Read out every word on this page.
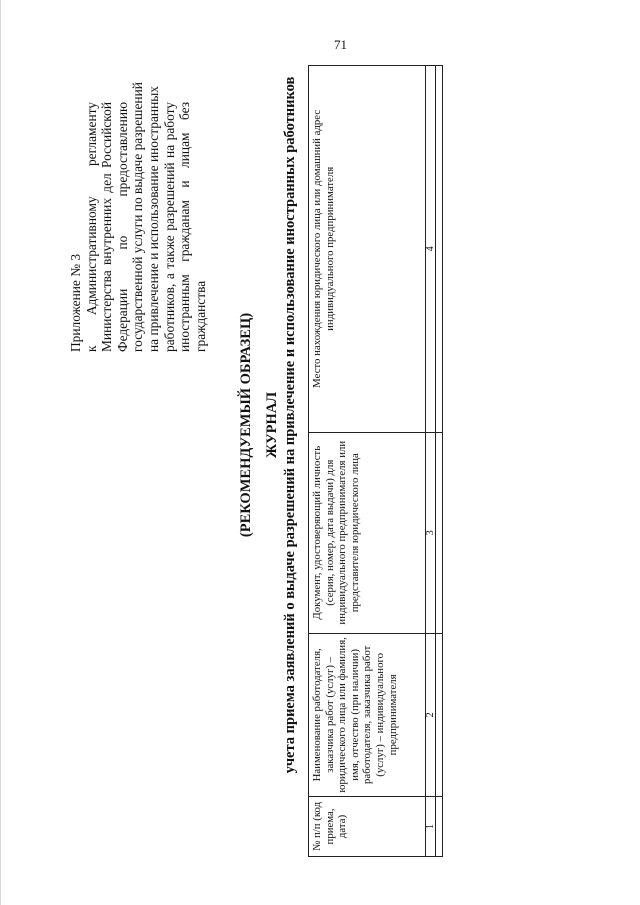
71
Приложение № 3 к Административному регламенту Министерства внутренних дел Российской Федерации по предоставлению государственной услуги по выдаче разрешений на привлечение и использование иностранных работников, а также разрешений на работу иностранным гражданам и лицам без гражданства (РЕКОМЕНДУЕМЫЙ ОБРАЗЕЦ) ЖУРНАЛ учета приема заявлений о выдаче разрешений на привлечение и использование иностранных работников
№ п/п (код приема, дата)	Наименование работодателя, заказчика работ (услуг) – юридического лица или фамилия, имя, отчество (при наличии) работодателя, заказчика работ (услуг) – индивидуального предпринимателя	Документ, удостоверяющий личность (серия, номер, дата выдачи) для индивидуального предпринимателя или представителя юридического лица	Место нахождения юридического лица или домашний адрес индивидуального предпринимателя
1	2	3	4
